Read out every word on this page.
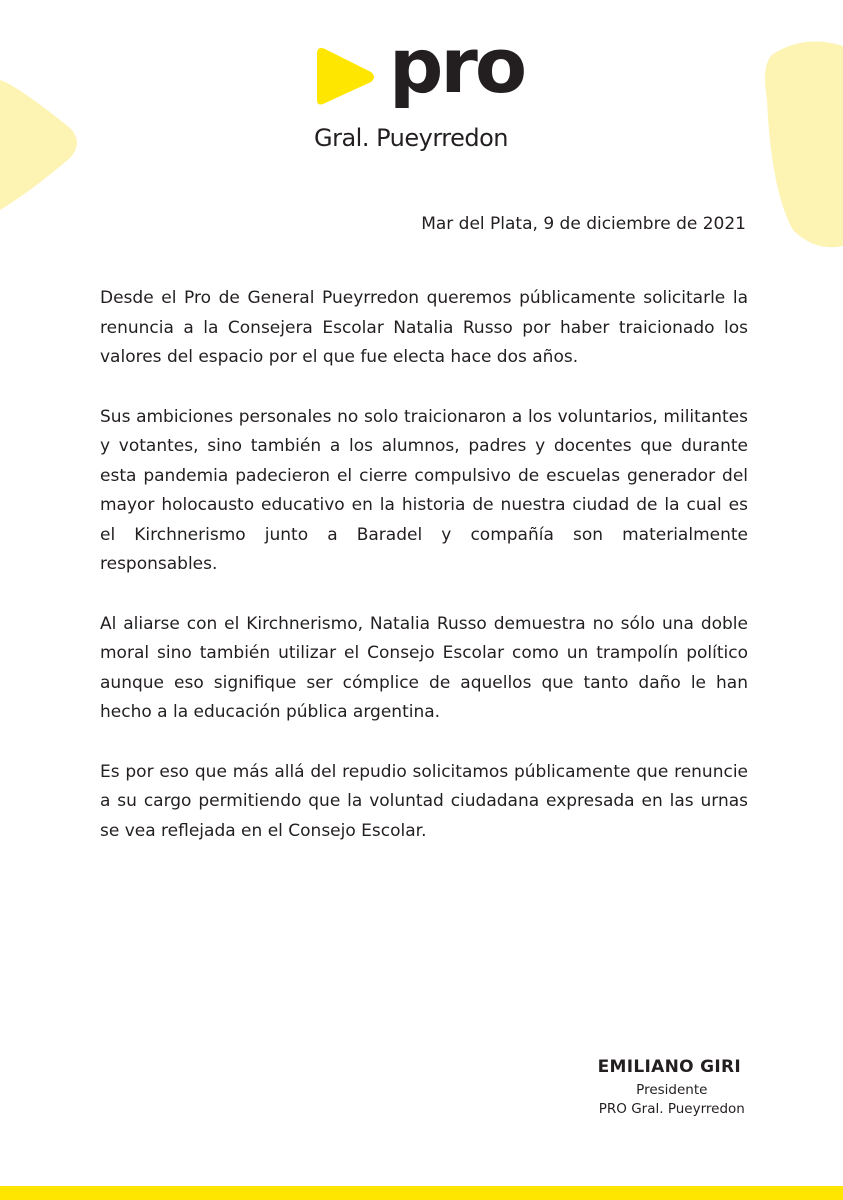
pro
Gral. Pueyrredon
Mar del Plata, 9 de diciembre de 2021

Desde el Pro de General Pueyrredon queremos públicamente solicitarle la renuncia a la Consejera Escolar Natalia Russo por haber traicionado los valores del espacio por el que fue electa hace dos años.

Sus ambiciones personales no solo traicionaron a los voluntarios, militantes y votantes, sino también a los alumnos, padres y docentes que durante esta pandemia padecieron el cierre compulsivo de escuelas generador del mayor holocausto educativo en la historia de nuestra ciudad de la cual es el Kirchnerismo junto a Baradel y compañía son materialmente responsables.

Al aliarse con el Kirchnerismo, Natalia Russo demuestra no sólo una doble moral sino también utilizar el Consejo Escolar como un trampolín político aunque eso signifique ser cómplice de aquellos que tanto daño le han hecho a la educación pública argentina.

Es por eso que más allá del repudio solicitamos públicamente que renuncie a su cargo permitiendo que la voluntad ciudadana expresada en las urnas se vea reflejada en el Consejo Escolar.

EMILIANO GIRI
Presidente
PRO Gral. Pueyrredon
